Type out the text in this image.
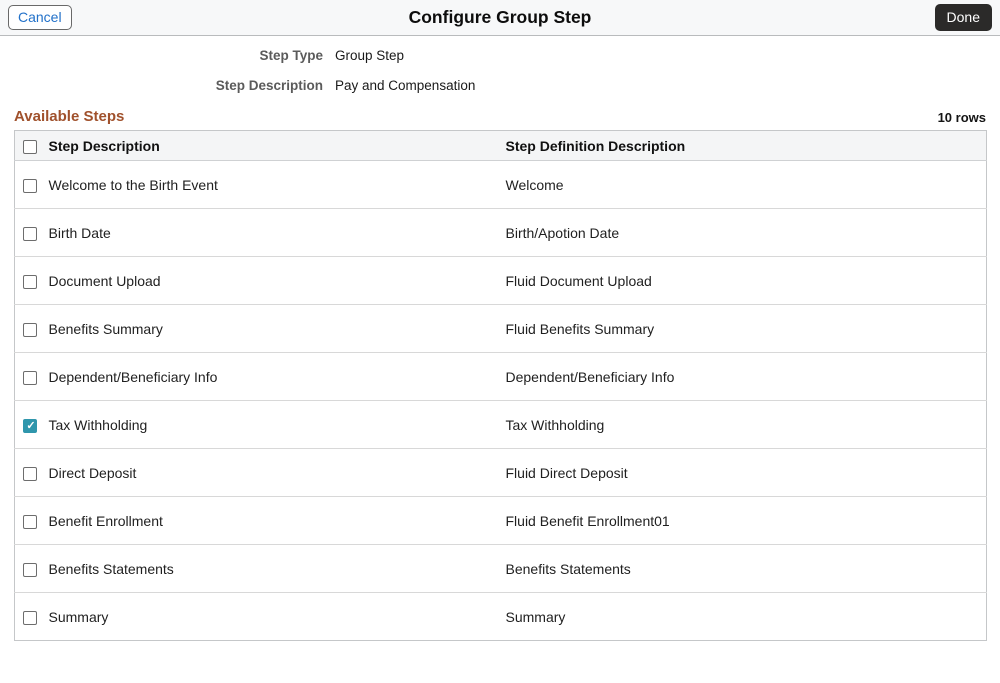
Cancel	Configure Group Step	Done
Step Type Group Step
Step Description Pay and Compensation
Available Steps	10 rows
	Step Description	Step Definition Description
	Welcome to the Birth Event	Welcome
	Birth Date	Birth/Apotion Date
	Document Upload	Fluid Document Upload
	Benefits Summary	Fluid Benefits Summary
	Dependent/Beneficiary Info	Dependent/Beneficiary Info
✓	Tax Withholding	Tax Withholding
	Direct Deposit	Fluid Direct Deposit
	Benefit Enrollment	Fluid Benefit Enrollment01
	Benefits Statements	Benefits Statements
	Summary	Summary
